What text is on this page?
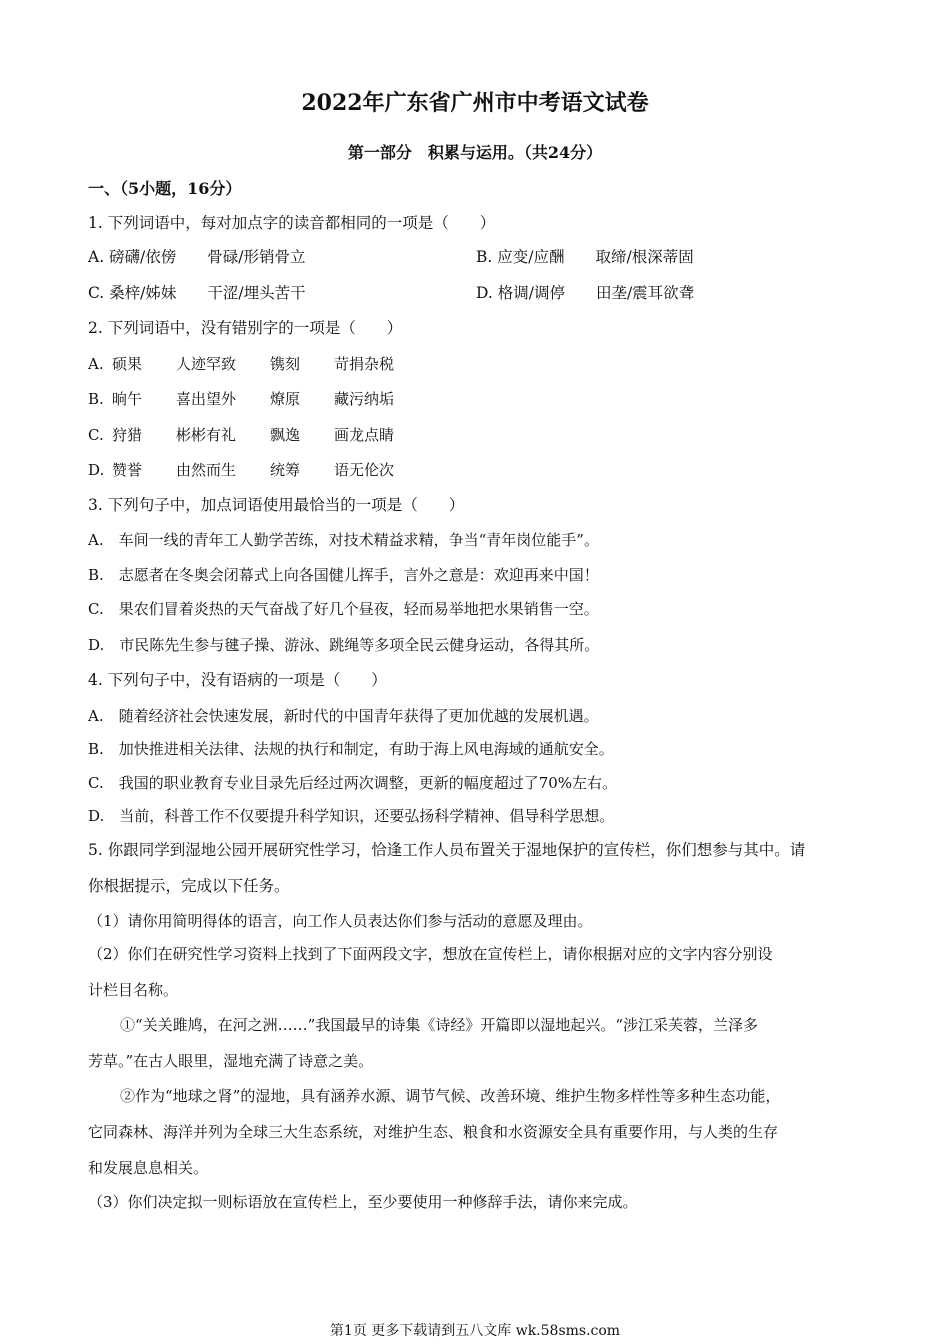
2022年广东省广州市中考语文试卷
第一部分　积累与运用。（共24分）
一、（5小题，16分）
1. 下列词语中，每对加点字的读音都相同的一项是（　　）
A. 磅礴/依傍　　骨碌/形销骨立	B. 应变/应酬　　取缔/根深蒂固
C. 桑梓/姊妹　　干涩/埋头苦干	D. 格调/调停　　田垄/震耳欲聋
2. 下列词语中，没有错别字的一项是（　　）
A. 硕果 人迹罕致 镌刻 苛捐杂税
B. 晌午 喜出望外 燎原 藏污纳垢
C. 狩猎 彬彬有礼 飘逸 画龙点睛
D. 赞誉 由然而生 统筹 语无伦次
3. 下列句子中，加点词语使用最恰当的一项是（　　）
A.　车间一线的青年工人勤学苦练，对技术精益求精，争当“青年岗位能手”。
B.　志愿者在冬奥会闭幕式上向各国健儿挥手，言外之意是：欢迎再来中国！
C.　果农们冒着炎热的天气奋战了好几个昼夜，轻而易举地把水果销售一空。
D.　市民陈先生参与毽子操、游泳、跳绳等多项全民云健身运动，各得其所。
4. 下列句子中，没有语病的一项是（　　）
A.　随着经济社会快速发展，新时代的中国青年获得了更加优越的发展机遇。
B.　加快推进相关法律、法规的执行和制定，有助于海上风电海域的通航安全。
C.　我国的职业教育专业目录先后经过两次调整，更新的幅度超过了70%左右。
D.　当前，科普工作不仅要提升科学知识，还要弘扬科学精神、倡导科学思想。
5. 你跟同学到湿地公园开展研究性学习，恰逢工作人员布置关于湿地保护的宣传栏，你们想参与其中。请
你根据提示，完成以下任务。
（1）请你用简明得体的语言，向工作人员表达你们参与活动的意愿及理由。
（2）你们在研究性学习资料上找到了下面两段文字，想放在宣传栏上，请你根据对应的文字内容分别设
计栏目名称。
①“关关雎鸠，在河之洲……”我国最早的诗集《诗经》开篇即以湿地起兴。“涉江采芙蓉，兰泽多
芳草。”在古人眼里，湿地充满了诗意之美。
②作为“地球之肾”的湿地，具有涵养水源、调节气候、改善环境、维护生物多样性等多种生态功能，
它同森林、海洋并列为全球三大生态系统，对维护生态、粮食和水资源安全具有重要作用，与人类的生存
和发展息息相关。
（3）你们决定拟一则标语放在宣传栏上，至少要使用一种修辞手法，请你来完成。
第1页 更多下载请到五八文库 wk.58sms.com
